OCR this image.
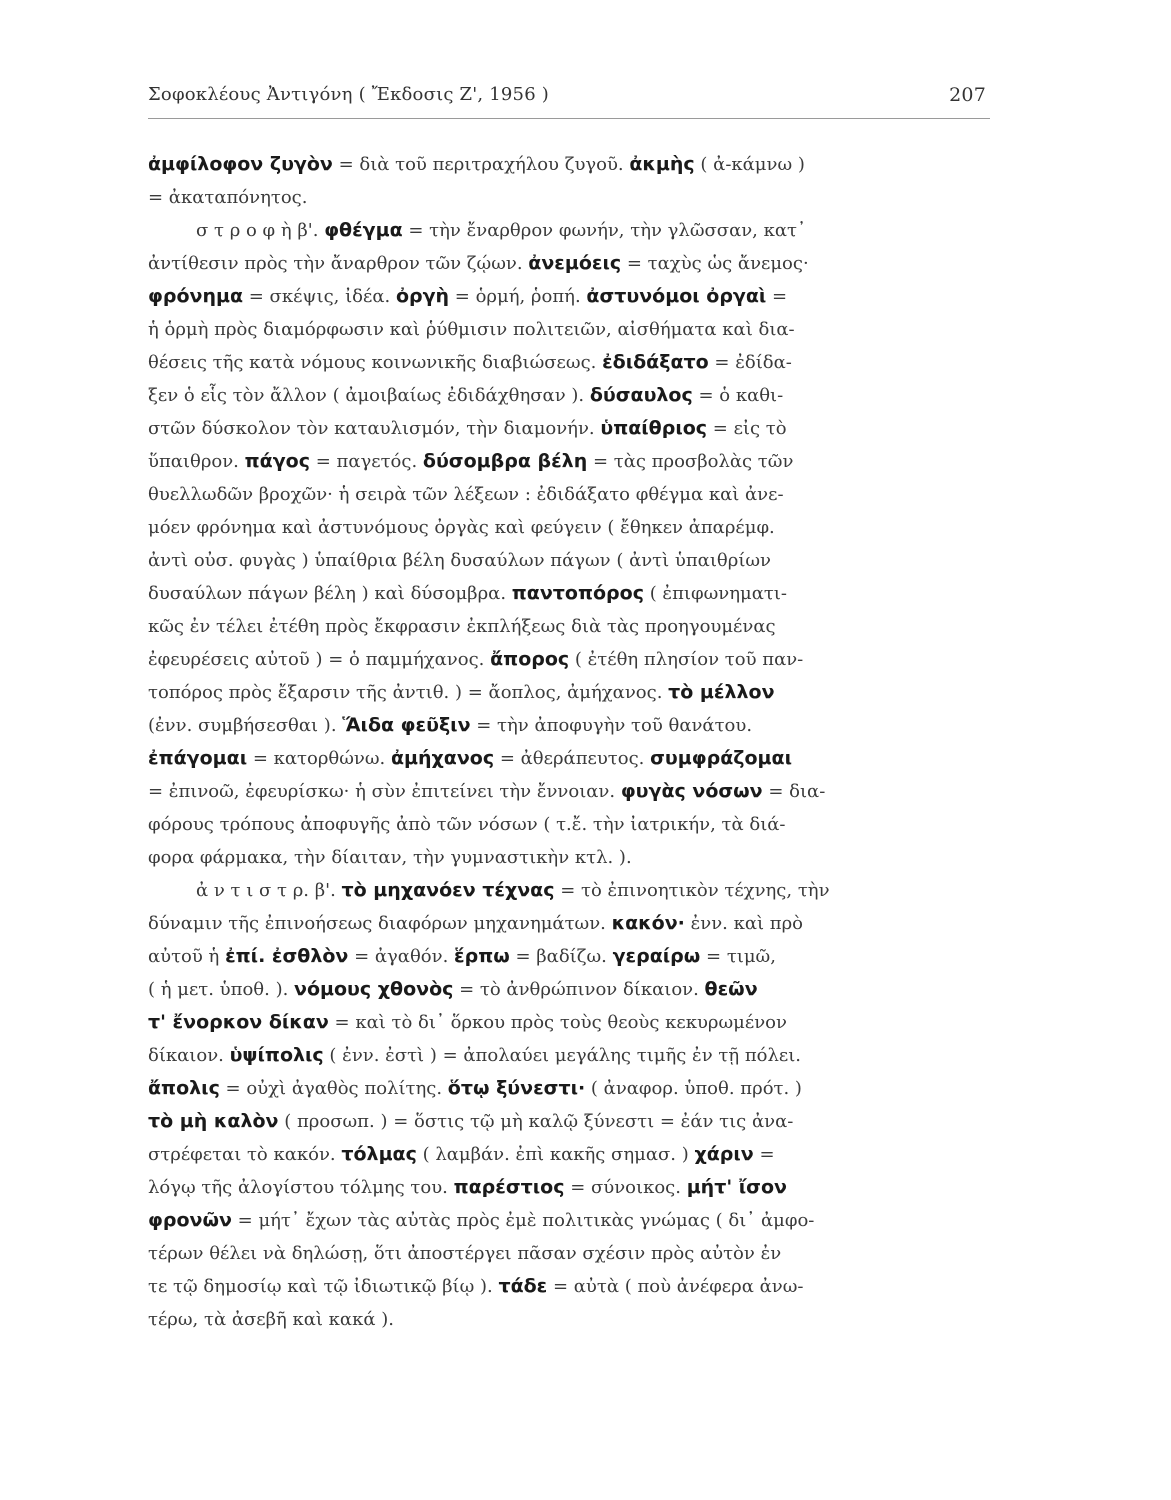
Σοφοκλέους Ἀντιγόνη ( Ἔκδοσις Ζ', 1956 )	207
ἀμφίλοφον ζυγὸν = διὰ τοῦ περιτραχήλου ζυγοῦ. ἀκμὴς ( ἀ-κάμνω )
= ἀκαταπόνητος.
σ τ ρ ο φ ὴ β'. φθέγμα = τὴν ἔναρθρον φωνήν, τὴν γλῶσσαν, κατ᾽
ἀντίθεσιν πρὸς τὴν ἄναρθρον τῶν ζῴων. ἀνεμόεις = ταχὺς ὡς ἄνεμος·
φρόνημα = σκέψις, ἰδέα. ὀργὴ = ὁρμή, ῥοπή. ἀστυνόμοι ὀργαὶ =
ἡ ὁρμὴ πρὸς διαμόρφωσιν καὶ ῥύθμισιν πολιτειῶν, αἰσθήματα καὶ δια-
θέσεις τῆς κατὰ νόμους κοινωνικῆς διαβιώσεως. ἐδιδάξατο = ἐδίδα-
ξεν ὁ εἷς τὸν ἄλλον ( ἀμοιβαίως ἐδιδάχθησαν ). δύσαυλος = ὁ καθι-
στῶν δύσκολον τὸν καταυλισμόν, τὴν διαμονήν. ὑπαίθριος = εἰς τὸ
ὕπαιθρον. πάγος = παγετός. δύσομβρα βέλη = τὰς προσβολὰς τῶν
θυελλωδῶν βροχῶν· ἡ σειρὰ τῶν λέξεων : ἐδιδάξατο φθέγμα καὶ ἀνε-
μόεν φρόνημα καὶ ἀστυνόμους ὀργὰς καὶ φεύγειν ( ἔθηκεν ἀπαρέμφ.
ἀντὶ οὐσ. φυγὰς ) ὑπαίθρια βέλη δυσαύλων πάγων ( ἀντὶ ὑπαιθρίων
δυσαύλων πάγων βέλη ) καὶ δύσομβρα. παντοπόρος ( ἐπιφωνηματι-
κῶς ἐν τέλει ἐτέθη πρὸς ἔκφρασιν ἐκπλήξεως διὰ τὰς προηγουμένας
ἐφευρέσεις αὐτοῦ ) = ὁ παμμήχανος. ἄπορος ( ἐτέθη πλησίον τοῦ παν-
τοπόρος πρὸς ἔξαρσιν τῆς ἀντιθ. ) = ἄοπλος, ἀμήχανος. τὸ μέλλον
(ἐνν. συμβήσεσθαι ). Ἅιδα φεῦξιν = τὴν ἀποφυγὴν τοῦ θανάτου.
ἐπάγομαι = κατορθώνω. ἀμήχανος = ἀθεράπευτος. συμφράζομαι
= ἐπινοῶ, ἐφευρίσκω· ἡ σὺν ἐπιτείνει τὴν ἔννοιαν. φυγὰς νόσων = δια-
φόρους τρόπους ἀποφυγῆς ἀπὸ τῶν νόσων ( τ.ἔ. τὴν ἰατρικήν, τὰ διά-
φορα φάρμακα, τὴν δίαιταν, τὴν γυμναστικὴν κτλ. ).
ἀ ν τ ι σ τ ρ. β'. τὸ μηχανόεν τέχνας = τὸ ἐπινοητικὸν τέχνης, τὴν
δύναμιν τῆς ἐπινοήσεως διαφόρων μηχανημάτων. κακόν· ἐνν. καὶ πρὸ
αὐτοῦ ἡ ἐπί. ἐσθλὸν = ἀγαθόν. ἕρπω = βαδίζω. γεραίρω = τιμῶ,
( ἡ μετ. ὑποθ. ). νόμους χθονὸς = τὸ ἀνθρώπινον δίκαιον. θεῶν
τ' ἔνορκον δίκαν = καὶ τὸ δι᾽ ὅρκου πρὸς τοὺς θεοὺς κεκυρωμένον
δίκαιον. ὑψίπολις ( ἐνν. ἐστὶ ) = ἀπολαύει μεγάλης τιμῆς ἐν τῇ πόλει.
ἄπολις = οὐχὶ ἀγαθὸς πολίτης. ὅτῳ ξύνεστι· ( ἀναφορ. ὑποθ. πρότ. )
τὸ μὴ καλὸν ( προσωπ. ) = ὅστις τῷ μὴ καλῷ ξύνεστι = ἐάν τις ἀνα-
στρέφεται τὸ κακόν. τόλμας ( λαμβάν. ἐπὶ κακῆς σημασ. ) χάριν =
λόγῳ τῆς ἀλογίστου τόλμης του. παρέστιος = σύνοικος. μήτ' ἴσον
φρονῶν = μήτ᾽ ἔχων τὰς αὐτὰς πρὸς ἐμὲ πολιτικὰς γνώμας ( δι᾽ ἀμφο-
τέρων θέλει νὰ δηλώσῃ, ὅτι ἀποστέργει πᾶσαν σχέσιν πρὸς αὐτὸν ἐν
τε τῷ δημοσίῳ καὶ τῷ ἰδιωτικῷ βίῳ ). τάδε = αὐτὰ ( ποὺ ἀνέφερα ἀνω-
τέρω, τὰ ἀσεβῆ καὶ κακά ).
